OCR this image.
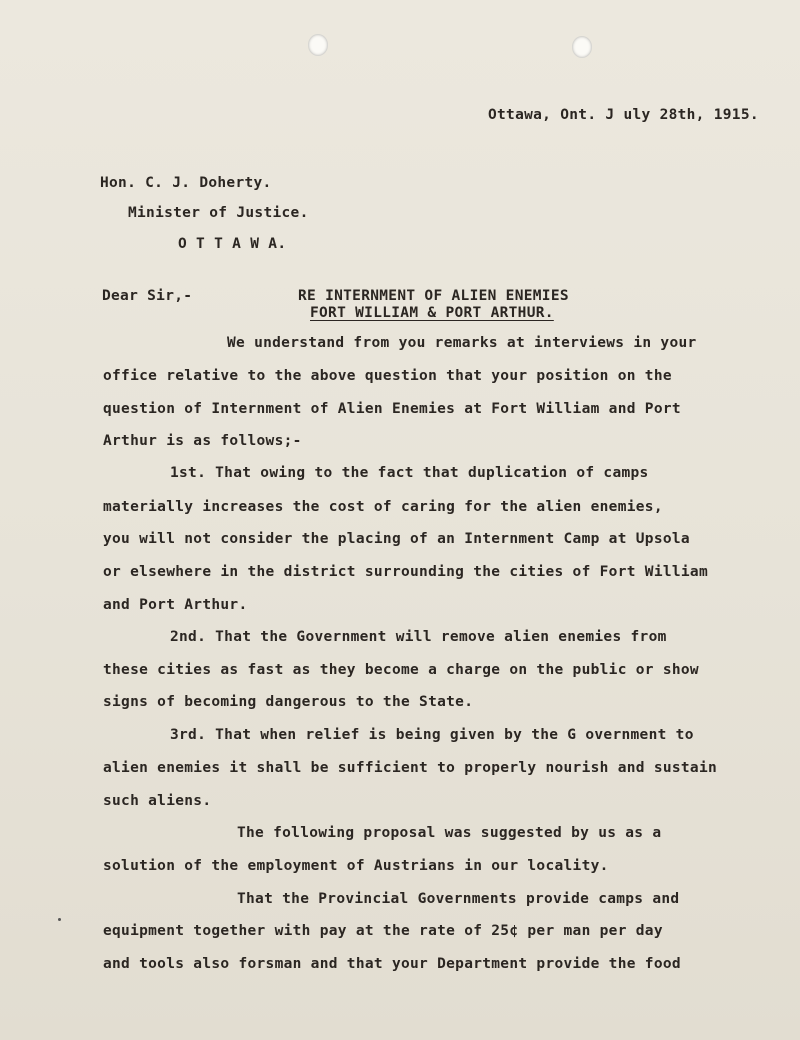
Ottawa, Ont. J uly 28th, 1915.
Hon. C. J. Doherty.
Minister of Justice.
O T T A W A.
Dear Sir,-	RE INTERNMENT OF ALIEN ENEMIES
FORT WILLIAM & PORT ARTHUR.
We understand from you remarks at interviews in your
office relative to the above question that your position on the
question of Internment of Alien Enemies at Fort William and Port
Arthur is as follows;-
1st. That owing to the fact that duplication of camps
materially increases the cost of caring for the alien enemies,
you will not consider the placing of an Internment Camp at Upsola
or elsewhere in the district surrounding the cities of Fort William
and Port Arthur.
2nd. That the Government will remove alien enemies from
these cities as fast as they become a charge on the public or show
signs of becoming dangerous to the State.
3rd. That when relief is being given by the G overnment to
alien enemies it shall be sufficient to properly nourish and sustain
such aliens.
The following proposal was suggested by us as a
solution of the employment of Austrians in our locality.
That the Provincial Governments provide camps and
equipment together with pay at the rate of 25¢ per man per day
and tools also forsman and that your Department provide the food
